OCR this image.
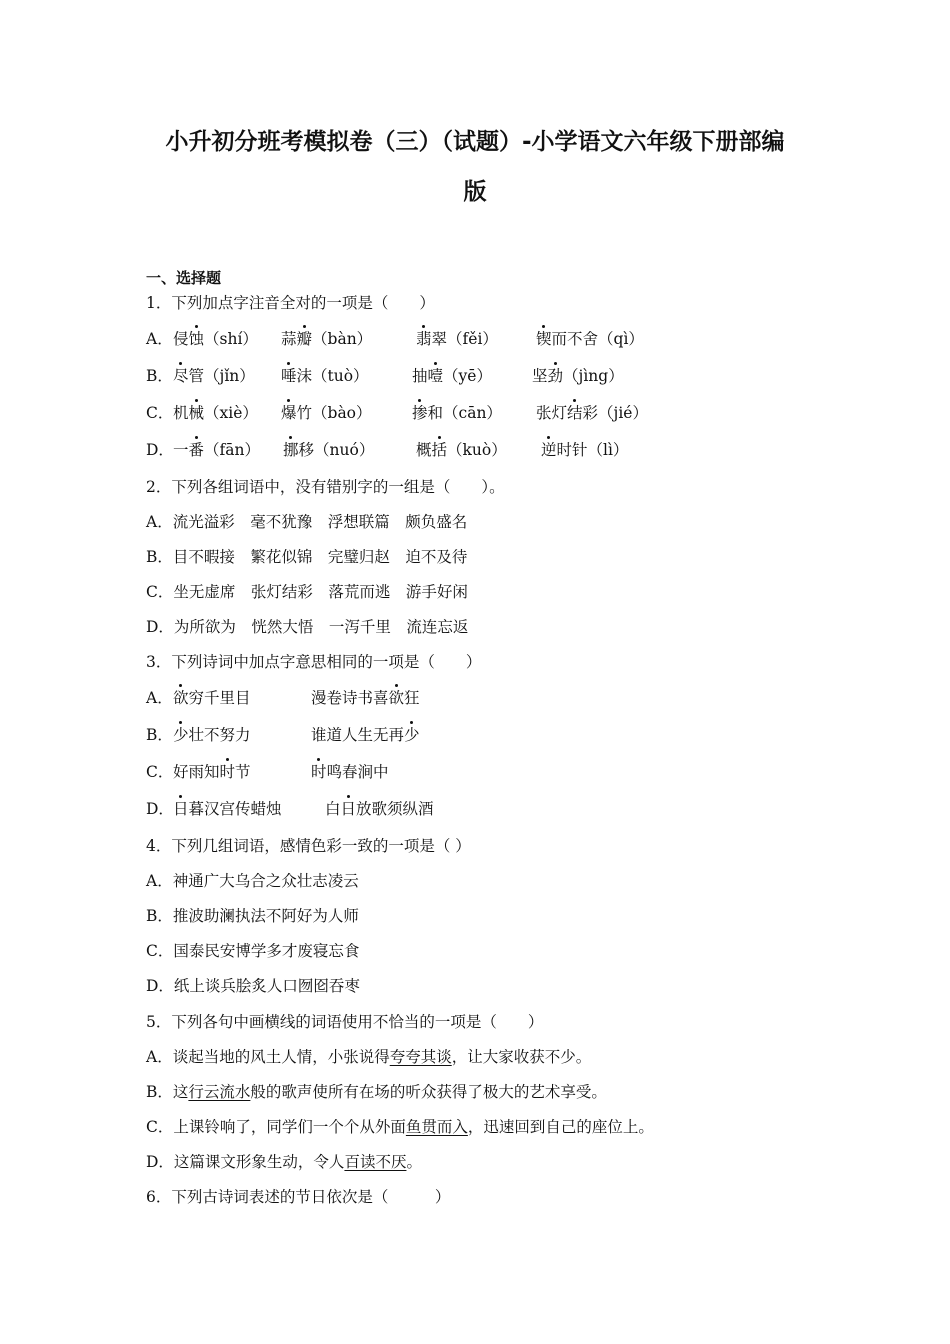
小升初分班考模拟卷（三）（试题）-小学语文六年级下册部编
版
一、选择题
1．下列加点字注音全对的一项是（　　）
A． 侵蚀（shí） 蒜瓣（bàn）	翡翠（fěi） 锲而不舍（qì）
B． 尽管（jǐn） 唾沫（tuò）	抽噎（yē）	坚劲（jìng）
C． 机械（xiè） 爆竹（bào）	掺和（cān） 张灯结彩（jié）
D． 一番（fān） 挪移（nuó）	概括（kuò） 逆时针（lì）
2．下列各组词语中，没有错别字的一组是（　　）。
A．流光溢彩　毫不犹豫　浮想联篇　颇负盛名
B．目不暇接　繁花似锦　完璧归赵　迫不及待
C．坐无虚席　张灯结彩　落荒而逃　游手好闲
D．为所欲为　恍然大悟　一泻千里　流连忘返
3．下列诗词中加点字意思相同的一项是（　　）
A． 欲穷千里目	漫卷诗书喜欲狂
B． 少壮不努力	谁道人生无再少
C． 好雨知时节	时鸣春涧中
D． 日暮汉宫传蜡烛	白日放歌须纵酒
4．下列几组词语，感情色彩一致的一项是（ ）
A．神通广大乌合之众壮志凌云
B．推波助澜执法不阿好为人师
C．国泰民安博学多才废寝忘食
D．纸上谈兵脍炙人口囫囵吞枣
5．下列各句中画横线的词语使用不恰当的一项是（　　）
A．谈起当地的风土人情，小张说得夸夸其谈，让大家收获不少。
B．这行云流水般的歌声使所有在场的听众获得了极大的艺术享受。
C．上课铃响了，同学们一个个从外面鱼贯而入，迅速回到自己的座位上。
D．这篇课文形象生动，令人百读不厌。
6．下列古诗词表述的节日依次是（　　　）
